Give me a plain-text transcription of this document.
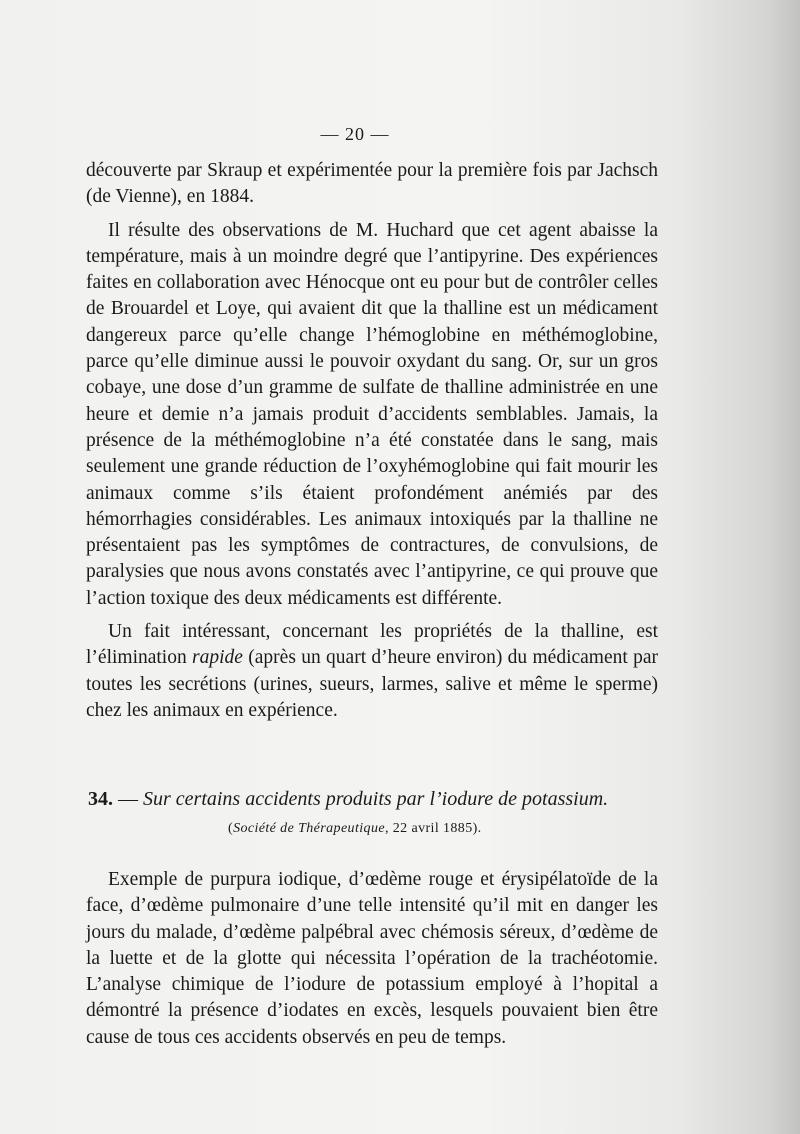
— 20 —

découverte par Skraup et expérimentée pour la première fois par Jachsch (de Vienne), en 1884.

Il résulte des observations de M. Huchard que cet agent abaisse la température, mais à un moindre degré que l’antipyrine. Des expériences faites en collaboration avec Hénocque ont eu pour but de contrôler celles de Brouardel et Loye, qui avaient dit que la thalline est un médicament dangereux parce qu’elle change l’hémoglobine en méthémoglobine, parce qu’elle diminue aussi le pouvoir oxydant du sang. Or, sur un gros cobaye, une dose d’un gramme de sulfate de thalline administrée en une heure et demie n’a jamais produit d’accidents semblables. Jamais, la présence de la méthémoglobine n’a été constatée dans le sang, mais seulement une grande réduction de l’oxyhémoglobine qui fait mourir les animaux comme s’ils étaient profondément anémiés par des hémorrhagies considérables. Les animaux intoxiqués par la thalline ne présentaient pas les symptômes de contractures, de convulsions, de paralysies que nous avons constatés avec l’antipyrine, ce qui prouve que l’action toxique des deux médicaments est différente.

Un fait intéressant, concernant les propriétés de la thalline, est l’élimination rapide (après un quart d’heure environ) du médicament par toutes les secrétions (urines, sueurs, larmes, salive et même le sperme) chez les animaux en expérience.

34. — Sur certains accidents produits par l’iodure de potassium.
(Société de Thérapeutique, 22 avril 1885).

Exemple de purpura iodique, d’œdème rouge et érysipélatoïde de la face, d’œdème pulmonaire d’une telle intensité qu’il mit en danger les jours du malade, d’œdème palpébral avec chémosis séreux, d’œdème de la luette et de la glotte qui nécessita l’opération de la trachéotomie. L’analyse chimique de l’iodure de potassium employé à l’hopital a démontré la présence d’iodates en excès, lesquels pouvaient bien être cause de tous ces accidents observés en peu de temps.
